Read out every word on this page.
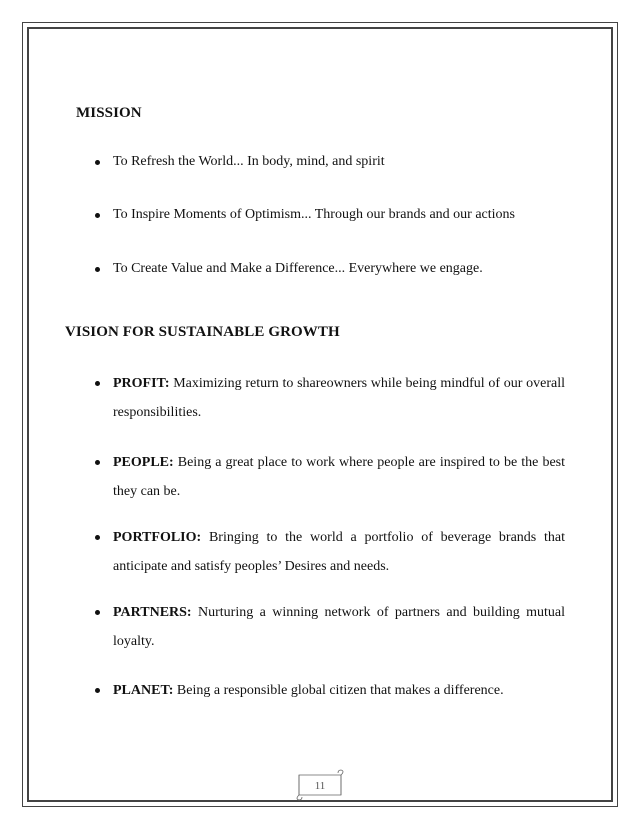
MISSION
To Refresh the World... In body, mind, and spirit
To Inspire Moments of Optimism... Through our brands and our actions
To Create Value and Make a Difference... Everywhere we engage.
VISION FOR SUSTAINABLE GROWTH
PROFIT: Maximizing return to shareowners while being mindful of our overall responsibilities.
PEOPLE: Being a great place to work where people are inspired to be the best they can be.
PORTFOLIO: Bringing to the world a portfolio of beverage brands that anticipate and satisfy peoples’ Desires and needs.
PARTNERS: Nurturing a winning network of partners and building mutual loyalty.
PLANET: Being a responsible global citizen that makes a difference.
11
